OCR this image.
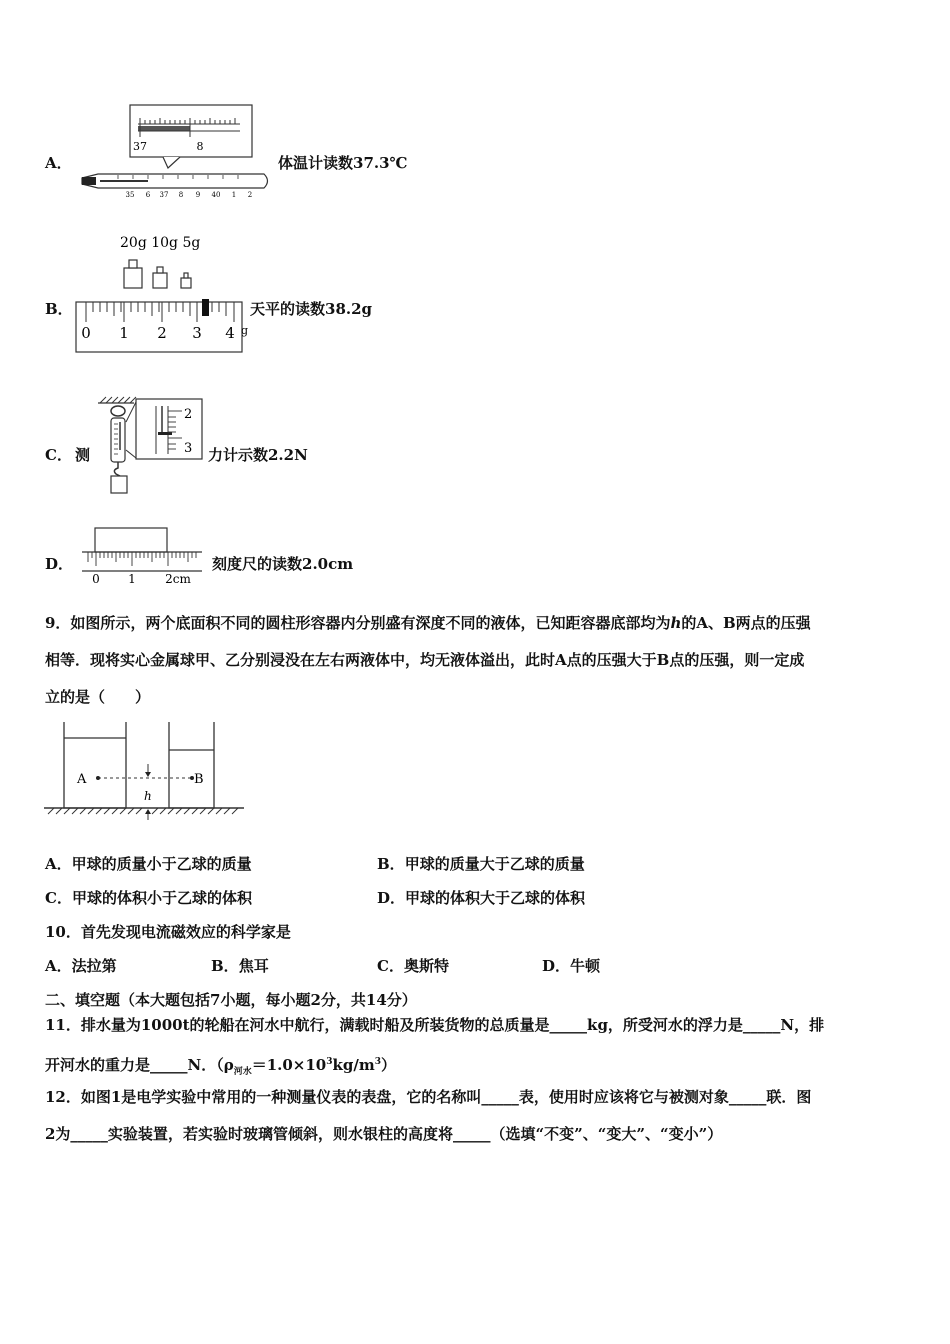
A．
37	8
35 6 37 8 9 40 1 2
体温计读数37.3℃
B．
20g 10g 5g
0 1 2 3 4 g
天平的读数38.2g
C． 测
2
3 力计示数2.2N
D．
0 1 2cm
刻度尺的读数2.0cm
9．如图所示，两个底面积不同的圆柱形容器内分别盛有深度不同的液体，已知距容器底部均为h的A、B两点的压强
相等．现将实心金属球甲、乙分别浸没在左右两液体中，均无液体溢出，此时A点的压强大于B点的压强，则一定成
立的是（　　）
A	B
h
A．甲球的质量小于乙球的质量	B．甲球的质量大于乙球的质量
C．甲球的体积小于乙球的体积	D．甲球的体积大于乙球的体积
10．首先发现电流磁效应的科学家是
A．法拉第	B．焦耳	C．奥斯特	D．牛顿
二、填空题（本大题包括7小题，每小题2分，共14分）
11．排水量为1000t的轮船在河水中航行，满载时船及所装货物的总质量是_____kg，所受河水的浮力是_____N，排
开河水的重力是_____N．$(\rho_{河水}=1.0\times 10^3kg/m^3)$
12．如图1是电学实验中常用的一种测量仪表的表盘，它的名称叫_____表，使用时应该将它与被测对象_____联．图
2为_____实验装置，若实验时玻璃管倾斜，则水银柱的高度将_____（选填“不变”、“变大”、“变小”）
